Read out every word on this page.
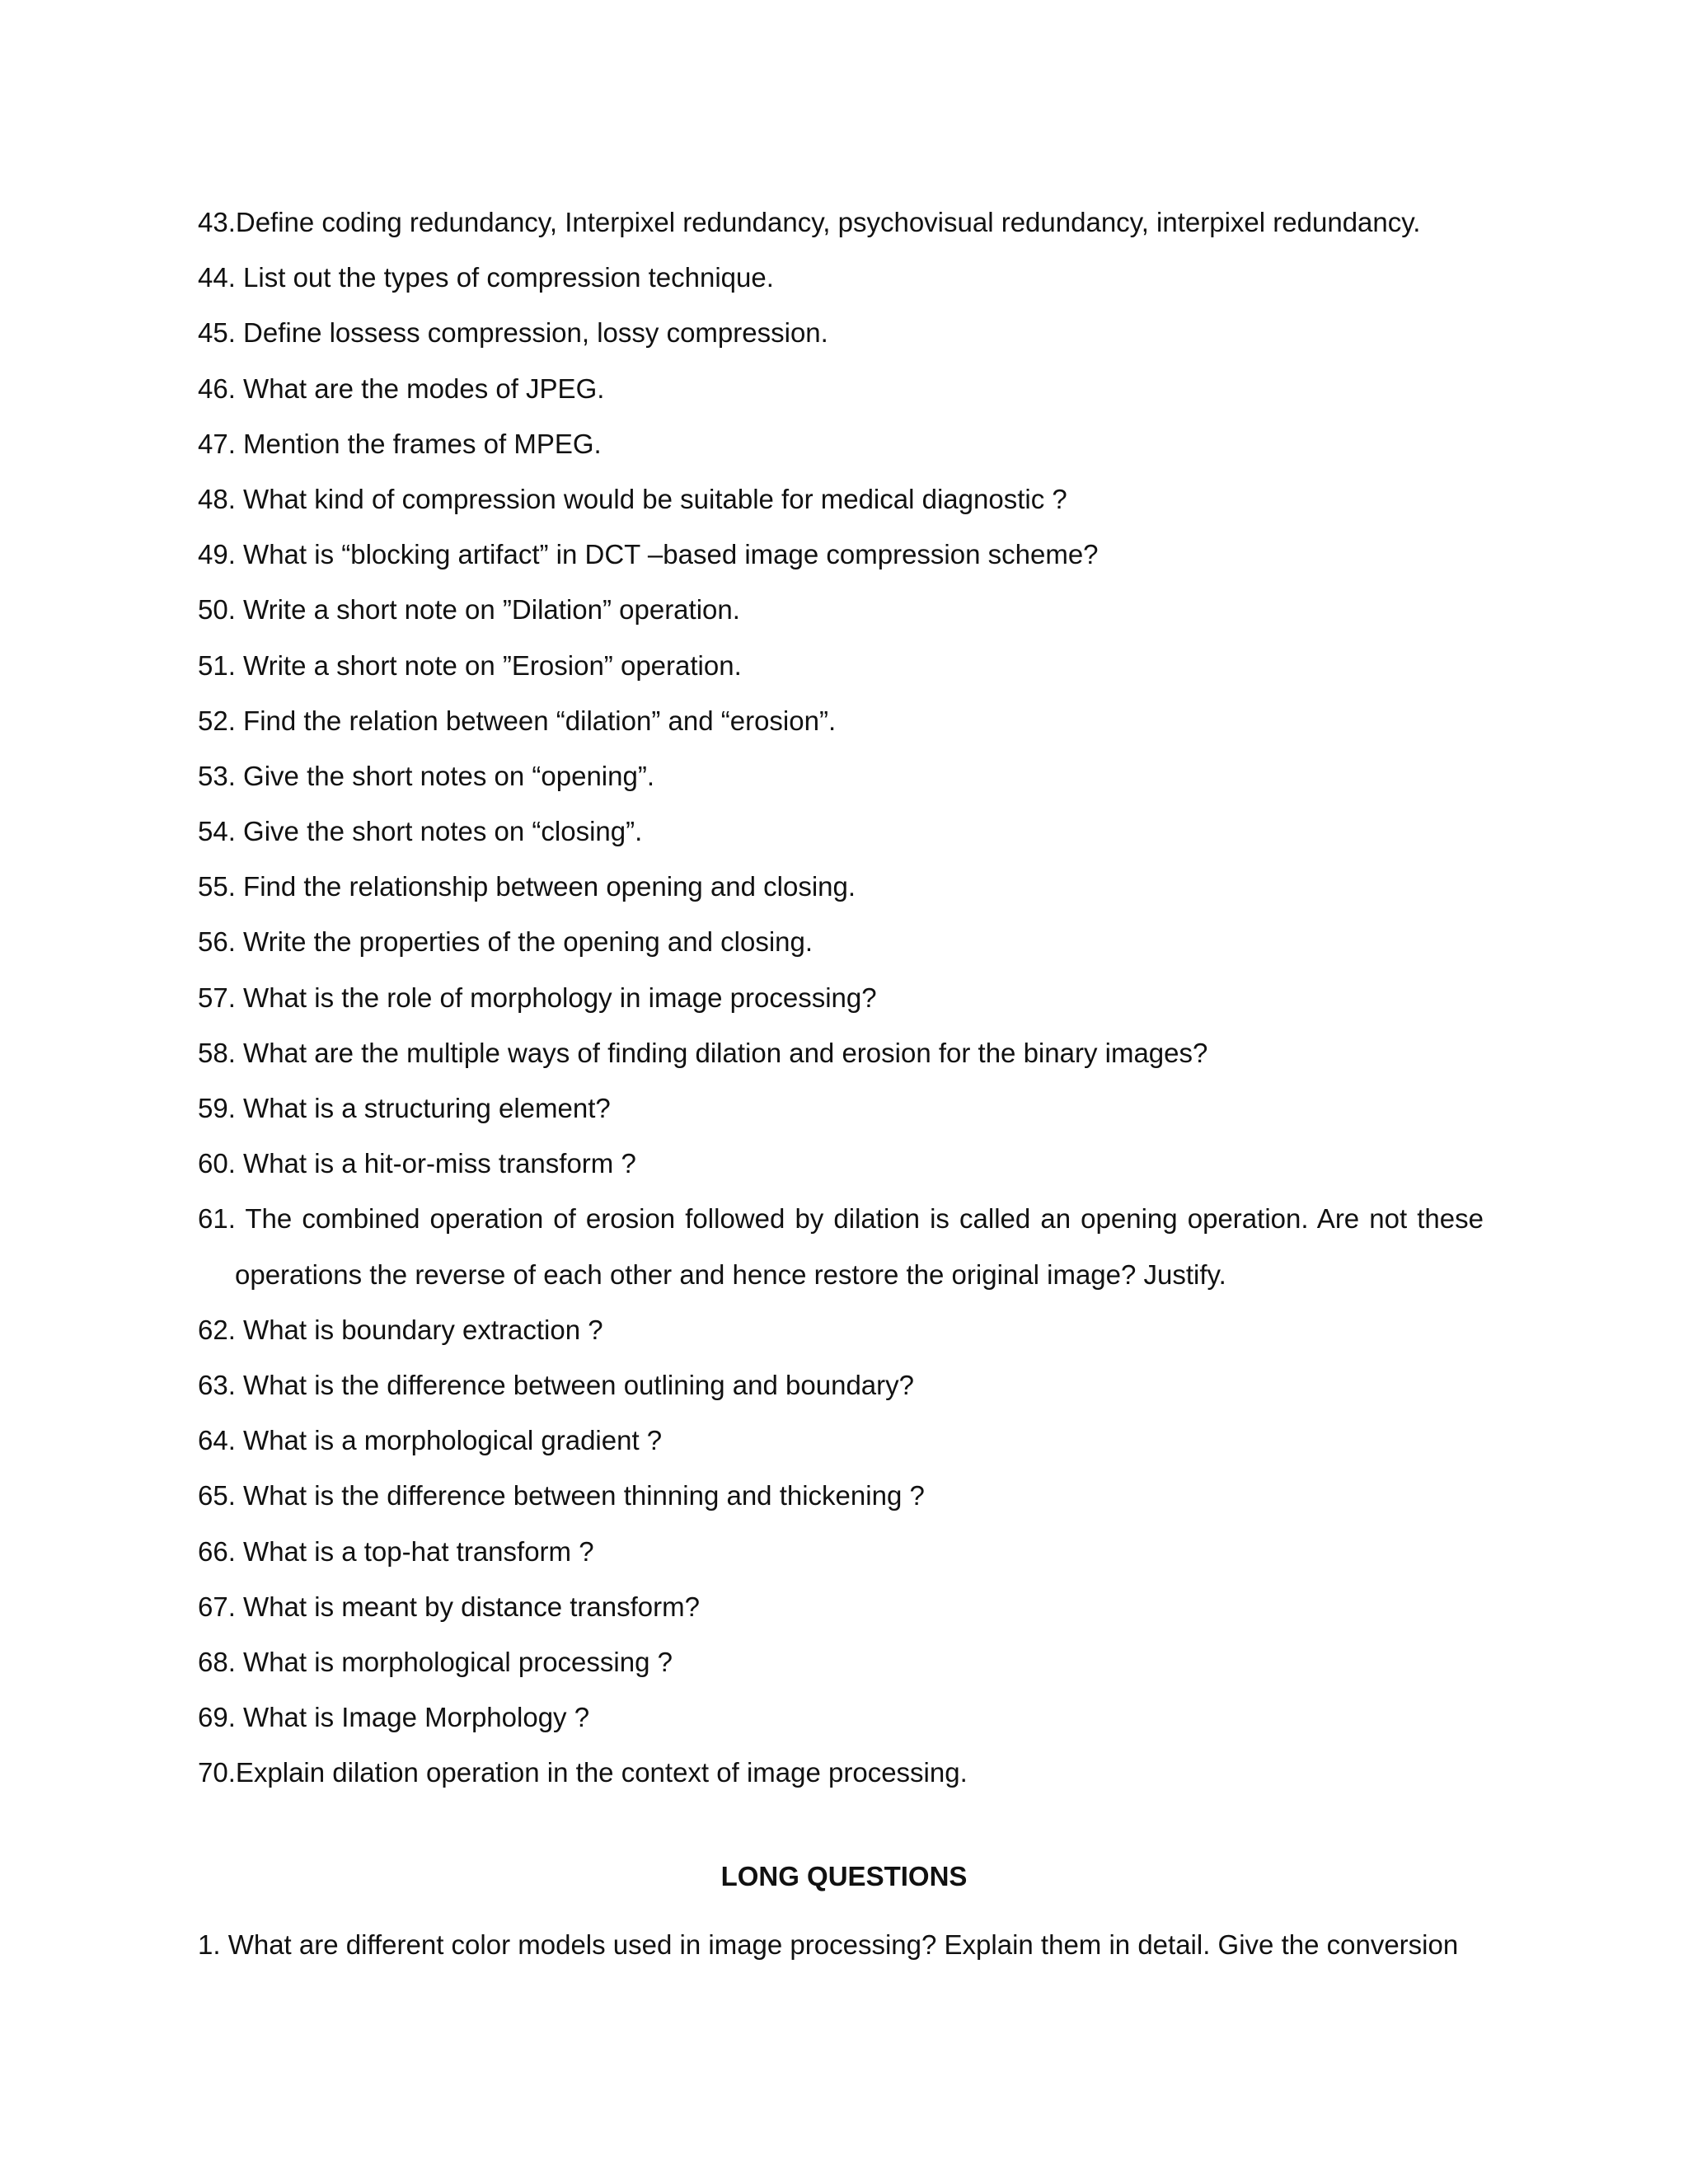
43.Define coding redundancy, Interpixel redundancy, psychovisual redundancy, interpixel redundancy.
44. List out the types of compression technique.
45. Define lossess compression, lossy compression.
46. What are the modes of JPEG.
47. Mention the frames of MPEG.
48. What kind of compression would be suitable for medical diagnostic ?
49. What is “blocking artifact” in DCT –based image compression scheme?
50. Write a short note on ”Dilation” operation.
51. Write a short note on ”Erosion” operation.
52. Find the relation between “dilation” and “erosion”.
53. Give the short notes on “opening”.
54. Give the short notes on “closing”.
55. Find the relationship between opening and closing.
56. Write the properties of the opening and closing.
57. What is the role of morphology in image processing?
58. What are the multiple ways of finding dilation and erosion for the binary images?
59. What is a structuring element?
60. What is a hit-or-miss transform ?
61. The combined operation of erosion followed by dilation is called an opening operation. Are not these operations the reverse of each other and hence restore the original image? Justify.
62. What is boundary extraction ?
63. What is the difference between outlining and boundary?
64. What is a morphological gradient ?
65. What is the difference between thinning and thickening ?
66. What is a top-hat transform ?
67. What is meant by distance transform?
68. What is morphological processing ?
69. What is Image Morphology ?
70.Explain dilation operation in the context of image processing.
LONG QUESTIONS
1. What are different color models used in image processing? Explain them in detail. Give the conversion
